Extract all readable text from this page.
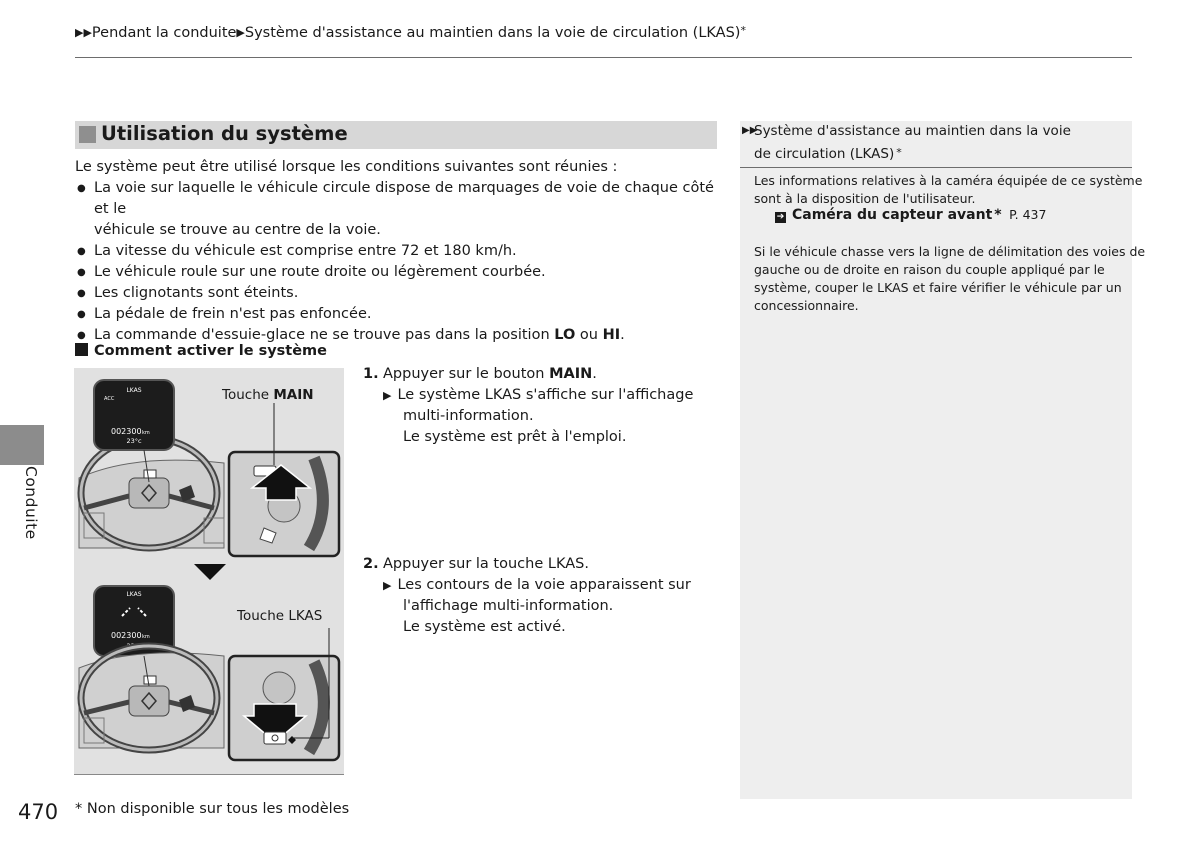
▶▶Pendant la conduite▶Système d'assistance au maintien dans la voie de circulation (LKAS)*
Conduite
Utilisation du système
Le système peut être utilisé lorsque les conditions suivantes sont réunies :
● La voie sur laquelle le véhicule circule dispose de marquages de voie de chaque côté et le
véhicule se trouve au centre de la voie.
● La vitesse du véhicule est comprise entre 72 et 180 km/h.
● Le véhicule roule sur une route droite ou légèrement courbée.
● Les clignotants sont éteints.
● La pédale de frein n'est pas enfoncée.
● La commande d'essuie-glace ne se trouve pas dans la position LO ou HI.
Comment activer le système
LKAS
ACC
002300 km
23°c
LKAS
002300 km
23°c
Touche MAIN
Touche LKAS
1. Appuyer sur le bouton MAIN.
▶ Le système LKAS s'affiche sur l'affichage
multi-information.
Le système est prêt à l'emploi.
2. Appuyer sur la touche LKAS.
▶ Les contours de la voie apparaissent sur
l'affichage multi-information.
Le système est activé.
▶▶
Système d'assistance au maintien dans la voie
de circulation (LKAS) *
Les informations relatives à la caméra équipée de ce système
sont à la disposition de l'utilisateur.
➔ Caméra du capteur avant * P. 437
Si le véhicule chasse vers la ligne de délimitation des voies de
gauche ou de droite en raison du couple appliqué par le
système, couper le LKAS et faire vérifier le véhicule par un
concessionnaire.
470 * Non disponible sur tous les modèles
